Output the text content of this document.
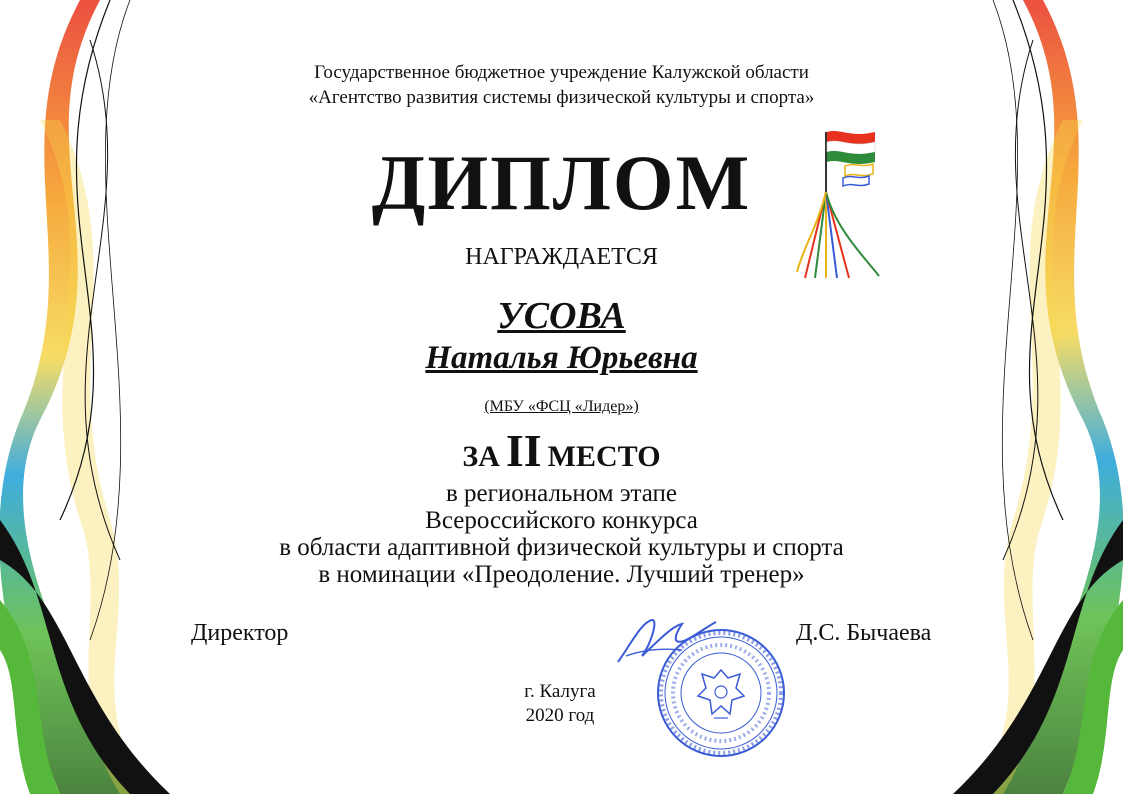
Государственное бюджетное учреждение Калужской области
«Агентство развития системы физической культуры и спорта»
ДИПЛОМ
НАГРАЖДАЕТСЯ
УСОВА
Наталья Юрьевна
(МБУ «ФСЦ «Лидер»)
ЗА II МЕСТО
в региональном этапе
Всероссийского конкурса
в области адаптивной физической культуры и спорта
в номинации «Преодоление. Лучший тренер»
Директор	Д.С. Бычаева
г. Калуга
2020 год
